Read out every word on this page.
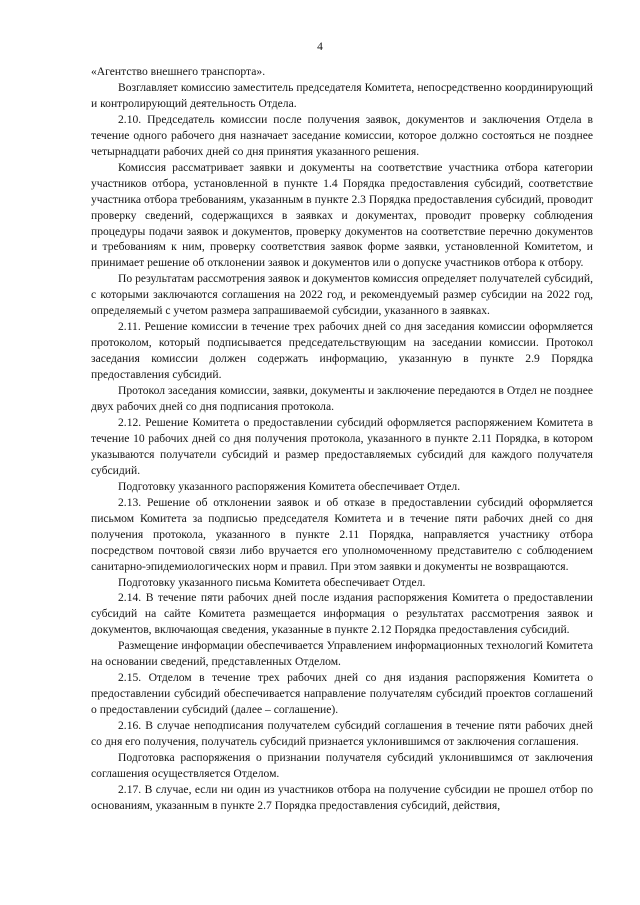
4

«Агентство внешнего транспорта».

Возглавляет комиссию заместитель председателя Комитета, непосредственно координирующий и контролирующий деятельность Отдела.

2.10. Председатель комиссии после получения заявок, документов и заключения Отдела в течение одного рабочего дня назначает заседание комиссии, которое должно состояться не позднее четырнадцати рабочих дней со дня принятия указанного решения.

Комиссия рассматривает заявки и документы на соответствие участника отбора категории участников отбора, установленной в пункте 1.4 Порядка предоставления субсидий, соответствие участника отбора требованиям, указанным в пункте 2.3 Порядка предоставления субсидий, проводит проверку сведений, содержащихся в заявках и документах, проводит проверку соблюдения процедуры подачи заявок и документов, проверку документов на соответствие перечню документов и требованиям к ним, проверку соответствия заявок форме заявки, установленной Комитетом, и принимает решение об отклонении заявок и документов или о допуске участников отбора к отбору.

По результатам рассмотрения заявок и документов комиссия определяет получателей субсидий, с которыми заключаются соглашения на 2022 год, и рекомендуемый размер субсидии на 2022 год, определяемый с учетом размера запрашиваемой субсидии, указанного в заявках.

2.11. Решение комиссии в течение трех рабочих дней со дня заседания комиссии оформляется протоколом, который подписывается председательствующим на заседании комиссии. Протокол заседания комиссии должен содержать информацию, указанную в пункте 2.9 Порядка предоставления субсидий.

Протокол заседания комиссии, заявки, документы и заключение передаются в Отдел не позднее двух рабочих дней со дня подписания протокола.

2.12. Решение Комитета о предоставлении субсидий оформляется распоряжением Комитета в течение 10 рабочих дней со дня получения протокола, указанного в пункте 2.11 Порядка, в котором указываются получатели субсидий и размер предоставляемых субсидий для каждого получателя субсидий.

Подготовку указанного распоряжения Комитета обеспечивает Отдел.

2.13. Решение об отклонении заявок и об отказе в предоставлении субсидий оформляется письмом Комитета за подписью председателя Комитета и в течение пяти рабочих дней со дня получения протокола, указанного в пункте 2.11 Порядка, направляется участнику отбора посредством почтовой связи либо вручается его уполномоченному представителю с соблюдением санитарно-эпидемиологических норм и правил. При этом заявки и документы не возвращаются.

Подготовку указанного письма Комитета обеспечивает Отдел.

2.14. В течение пяти рабочих дней после издания распоряжения Комитета о предоставлении субсидий на сайте Комитета размещается информация о результатах рассмотрения заявок и документов, включающая сведения, указанные в пункте 2.12 Порядка предоставления субсидий.

Размещение информации обеспечивается Управлением информационных технологий Комитета на основании сведений, представленных Отделом.

2.15. Отделом в течение трех рабочих дней со дня издания распоряжения Комитета о предоставлении субсидий обеспечивается направление получателям субсидий проектов соглашений о предоставлении субсидий (далее – соглашение).

2.16. В случае неподписания получателем субсидий соглашения в течение пяти рабочих дней со дня его получения, получатель субсидий признается уклонившимся от заключения соглашения.

Подготовка распоряжения о признании получателя субсидий уклонившимся от заключения соглашения осуществляется Отделом.

2.17. В случае, если ни один из участников отбора на получение субсидии не прошел отбор по основаниям, указанным в пункте 2.7 Порядка предоставления субсидий, действия,
